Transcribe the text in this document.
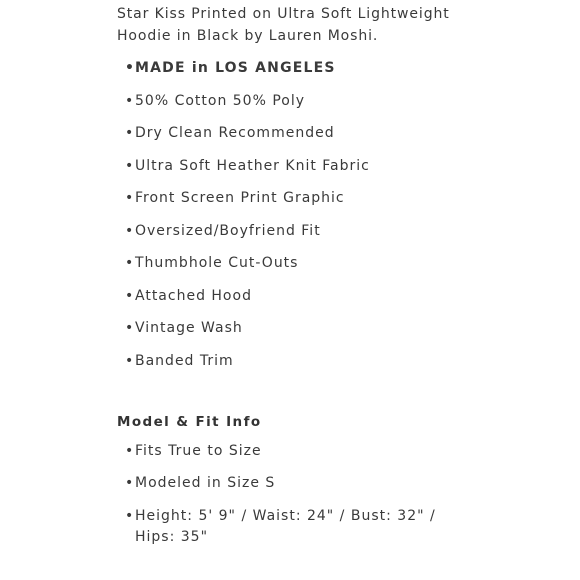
Star Kiss Printed on Ultra Soft Lightweight Hoodie in Black by Lauren Moshi.

• MADE in LOS ANGELES
• 50% Cotton 50% Poly
• Dry Clean Recommended
• Ultra Soft Heather Knit Fabric
• Front Screen Print Graphic
• Oversized/Boyfriend Fit
• Thumbhole Cut-Outs
• Attached Hood
• Vintage Wash
• Banded Trim
Model & Fit Info
• Fits True to Size
• Modeled in Size S
• Height: 5' 9" / Waist: 24" / Bust: 32" / Hips: 35"
